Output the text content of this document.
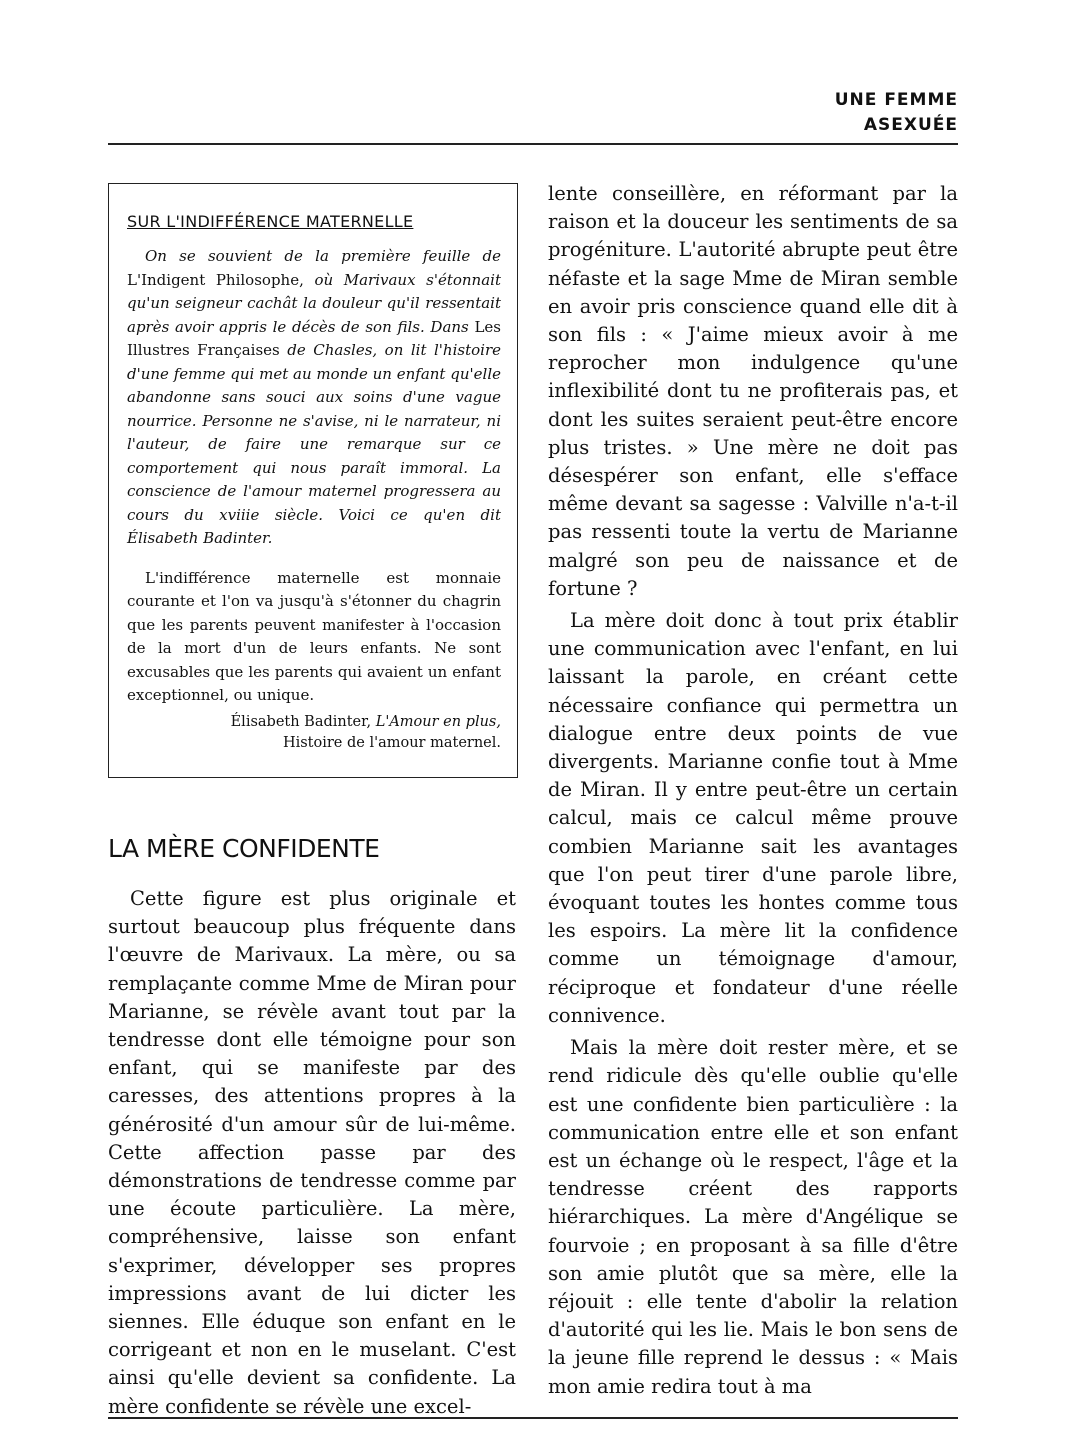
UNE FEMME
ASEXUÉE
SUR L'INDIFFÉRENCE MATERNELLE

On se souvient de la première feuille de L'Indigent Philosophe, où Marivaux s'étonnait qu'un seigneur cachât la douleur qu'il ressentait après avoir appris le décès de son fils. Dans Les Illustres Françaises de Chasles, on lit l'histoire d'une femme qui met au monde un enfant qu'elle abandonne sans souci aux soins d'une vague nourrice. Personne ne s'avise, ni le narrateur, ni l'auteur, de faire une remarque sur ce comportement qui nous paraît immoral. La conscience de l'amour maternel progressera au cours du xviiie siècle. Voici ce qu'en dit Élisabeth Badinter.

L'indifférence maternelle est monnaie courante et l'on va jusqu'à s'étonner du chagrin que les parents peuvent manifester à l'occasion de la mort d'un de leurs enfants. Ne sont excusables que les parents qui avaient un enfant exceptionnel, ou unique.

Élisabeth Badinter, L'Amour en plus,
Histoire de l'amour maternel.
LA MÈRE CONFIDENTE

Cette figure est plus originale et surtout beaucoup plus fréquente dans l'œuvre de Marivaux. La mère, ou sa remplaçante comme Mme de Miran pour Marianne, se révèle avant tout par la tendresse dont elle témoigne pour son enfant, qui se manifeste par des caresses, des attentions propres à la générosité d'un amour sûr de lui-même. Cette affection passe par des démonstrations de tendresse comme par une écoute particulière. La mère, compréhensive, laisse son enfant s'exprimer, développer ses propres impressions avant de lui dicter les siennes. Elle éduque son enfant en le corrigeant et non en le muselant. C'est ainsi qu'elle devient sa confidente. La mère confidente se révèle une excel-

lente conseillère, en réformant par la raison et la douceur les sentiments de sa progéniture. L'autorité abrupte peut être néfaste et la sage Mme de Miran semble en avoir pris conscience quand elle dit à son fils : « J'aime mieux avoir à me reprocher mon indulgence qu'une inflexibilité dont tu ne profiterais pas, et dont les suites seraient peut-être encore plus tristes. » Une mère ne doit pas désespérer son enfant, elle s'efface même devant sa sagesse : Valville n'a-t-il pas ressenti toute la vertu de Marianne malgré son peu de naissance et de fortune ?

La mère doit donc à tout prix établir une communication avec l'enfant, en lui laissant la parole, en créant cette nécessaire confiance qui permettra un dialogue entre deux points de vue divergents. Marianne confie tout à Mme de Miran. Il y entre peut-être un certain calcul, mais ce calcul même prouve combien Marianne sait les avantages que l'on peut tirer d'une parole libre, évoquant toutes les hontes comme tous les espoirs. La mère lit la confidence comme un témoignage d'amour, réciproque et fondateur d'une réelle connivence.

Mais la mère doit rester mère, et se rend ridicule dès qu'elle oublie qu'elle est une confidente bien particulière : la communication entre elle et son enfant est un échange où le respect, l'âge et la tendresse créent des rapports hiérarchiques. La mère d'Angélique se fourvoie ; en proposant à sa fille d'être son amie plutôt que sa mère, elle la réjouit : elle tente d'abolir la relation d'autorité qui les lie. Mais le bon sens de la jeune fille reprend le dessus : « Mais mon amie redira tout à ma
